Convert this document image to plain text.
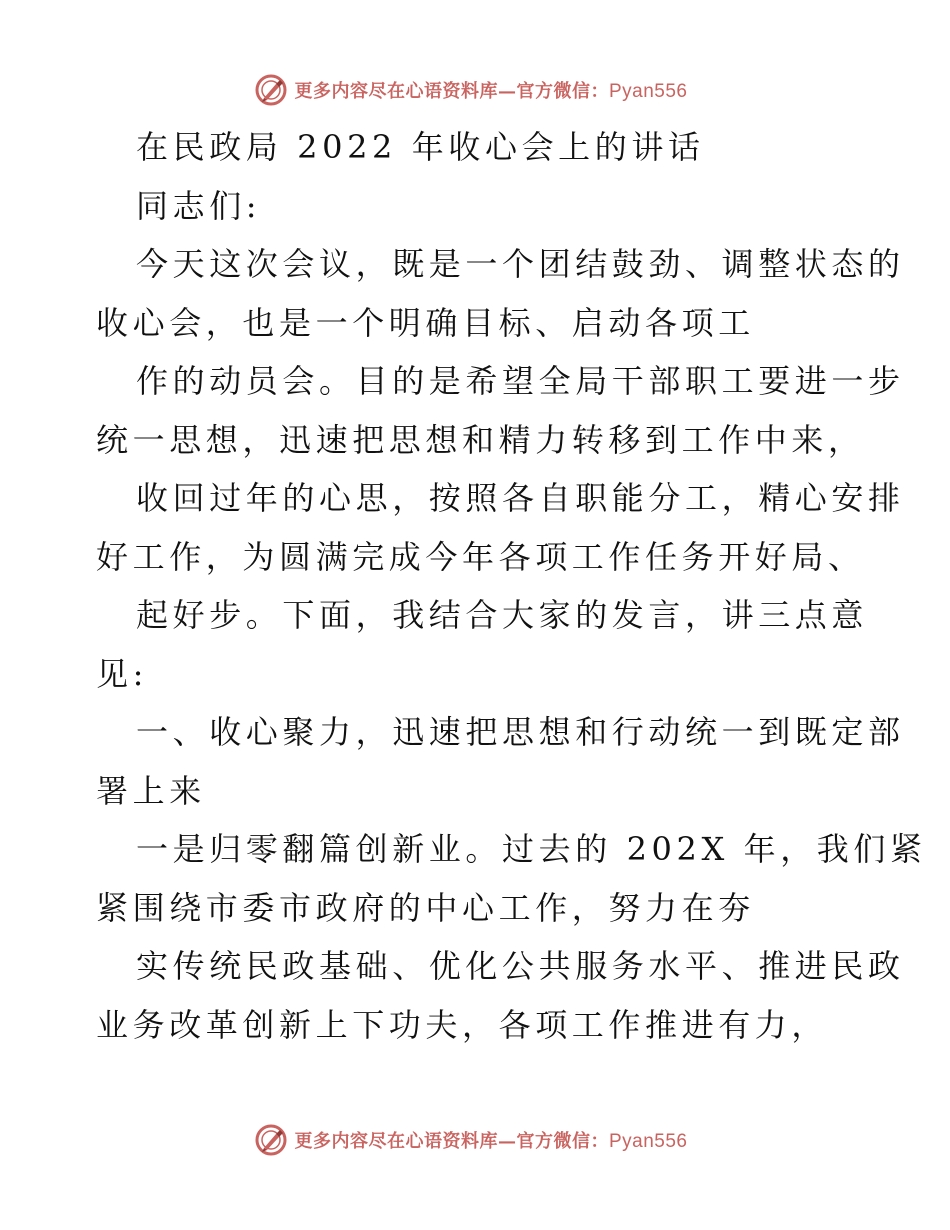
更多内容尽在心语资料库—官方微信：Pyan556
在民政局 2022 年收心会上的讲话
同志们:
今天这次会议，既是一个团结鼓劲、调整状态的
收心会，也是一个明确目标、启动各项工
作的动员会。目的是希望全局干部职工要进一步
统一思想，迅速把思想和精力转移到工作中来，
收回过年的心思，按照各自职能分工，精心安排
好工作，为圆满完成今年各项工作任务开好局、
起好步。下面，我结合大家的发言，讲三点意
见:
一、收心聚力，迅速把思想和行动统一到既定部
署上来
一是归零翻篇创新业。过去的 202X 年，我们紧
紧围绕市委市政府的中心工作，努力在夯
实传统民政基础、优化公共服务水平、推进民政
业务改革创新上下功夫，各项工作推进有力，
更多内容尽在心语资料库—官方微信：Pyan556
